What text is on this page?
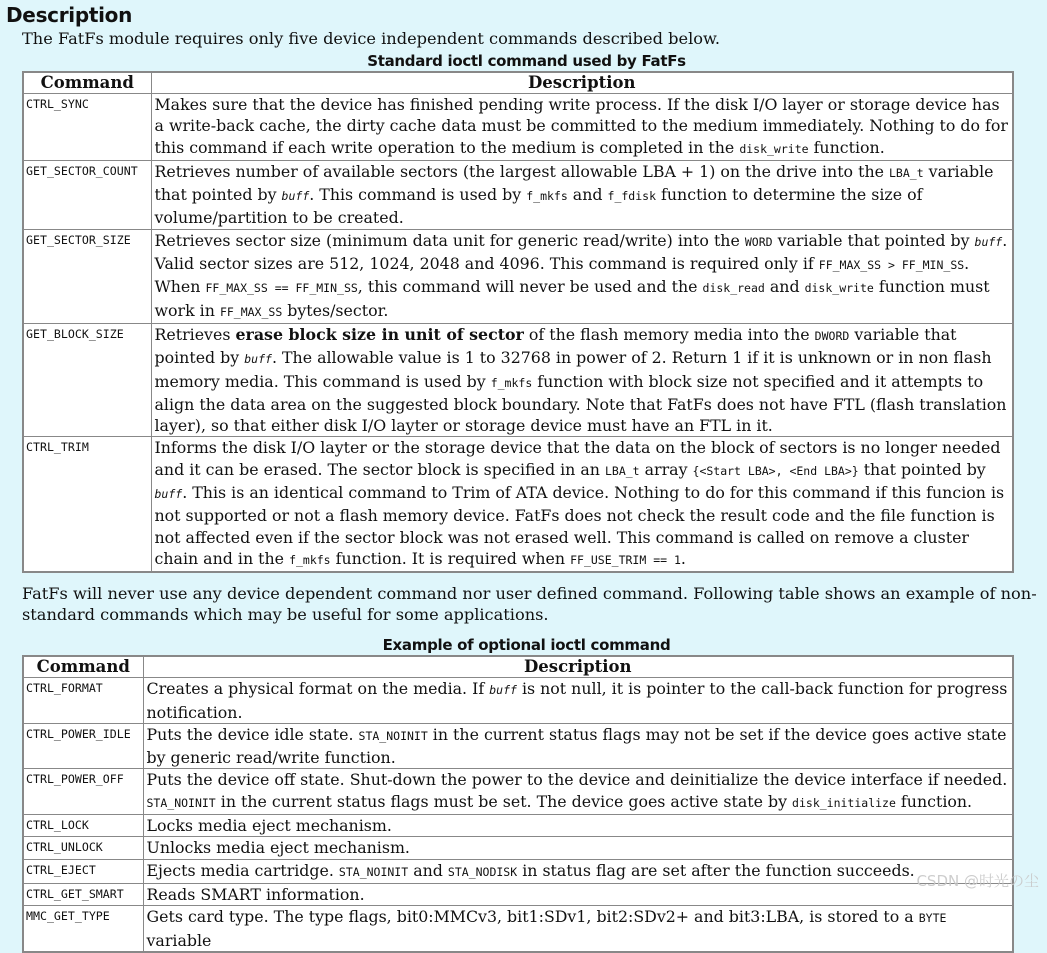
Description

The FatFs module requires only five device independent commands described below.

Standard ioctl command used by FatFs
Command	Description
CTRL_SYNC	Makes sure that the device has finished pending write process. If the disk I/O layer or storage device has a write-back cache, the dirty cache data must be committed to the medium immediately. Nothing to do for this command if each write operation to the medium is completed in the disk_write function.
GET_SECTOR_COUNT	Retrieves number of available sectors (the largest allowable LBA + 1) on the drive into the LBA_t variable that pointed by buff. This command is used by f_mkfs and f_fdisk function to determine the size of volume/partition to be created.
GET_SECTOR_SIZE	Retrieves sector size (minimum data unit for generic read/write) into the WORD variable that pointed by buff. Valid sector sizes are 512, 1024, 2048 and 4096. This command is required only if FF_MAX_SS > FF_MIN_SS. When FF_MAX_SS == FF_MIN_SS, this command will never be used and the disk_read and disk_write function must work in FF_MAX_SS bytes/sector.
GET_BLOCK_SIZE	Retrieves erase block size in unit of sector of the flash memory media into the DWORD variable that pointed by buff. The allowable value is 1 to 32768 in power of 2. Return 1 if it is unknown or in non flash memory media. This command is used by f_mkfs function with block size not specified and it attempts to align the data area on the suggested block boundary. Note that FatFs does not have FTL (flash translation layer), so that either disk I/O layter or storage device must have an FTL in it.
CTRL_TRIM	Informs the disk I/O layter or the storage device that the data on the block of sectors is no longer needed and it can be erased. The sector block is specified in an LBA_t array {<Start LBA>, <End LBA>} that pointed by buff. This is an identical command to Trim of ATA device. Nothing to do for this command if this funcion is not supported or not a flash memory device. FatFs does not check the result code and the file function is not affected even if the sector block was not erased well. This command is called on remove a cluster chain and in the f_mkfs function. It is required when FF_USE_TRIM == 1.

FatFs will never use any device dependent command nor user defined command. Following table shows an example of non-standard commands which may be useful for some applications.

Example of optional ioctl command
Command	Description
CTRL_FORMAT	Creates a physical format on the media. If buff is not null, it is pointer to the call-back function for progress notification.
CTRL_POWER_IDLE	Puts the device idle state. STA_NOINIT in the current status flags may not be set if the device goes active state by generic read/write function.
CTRL_POWER_OFF	Puts the device off state. Shut-down the power to the device and deinitialize the device interface if needed. STA_NOINIT in the current status flags must be set. The device goes active state by disk_initialize function.
CTRL_LOCK	Locks media eject mechanism.
CTRL_UNLOCK	Unlocks media eject mechanism.
CTRL_EJECT	Ejects media cartridge. STA_NOINIT and STA_NODISK in status flag are set after the function succeeds.
CTRL_GET_SMART	Reads SMART information.
MMC_GET_TYPE	Gets card type. The type flags, bit0:MMCv3, bit1:SDv1, bit2:SDv2+ and bit3:LBA, is stored to a BYTE variable
CSDN @时光の尘
